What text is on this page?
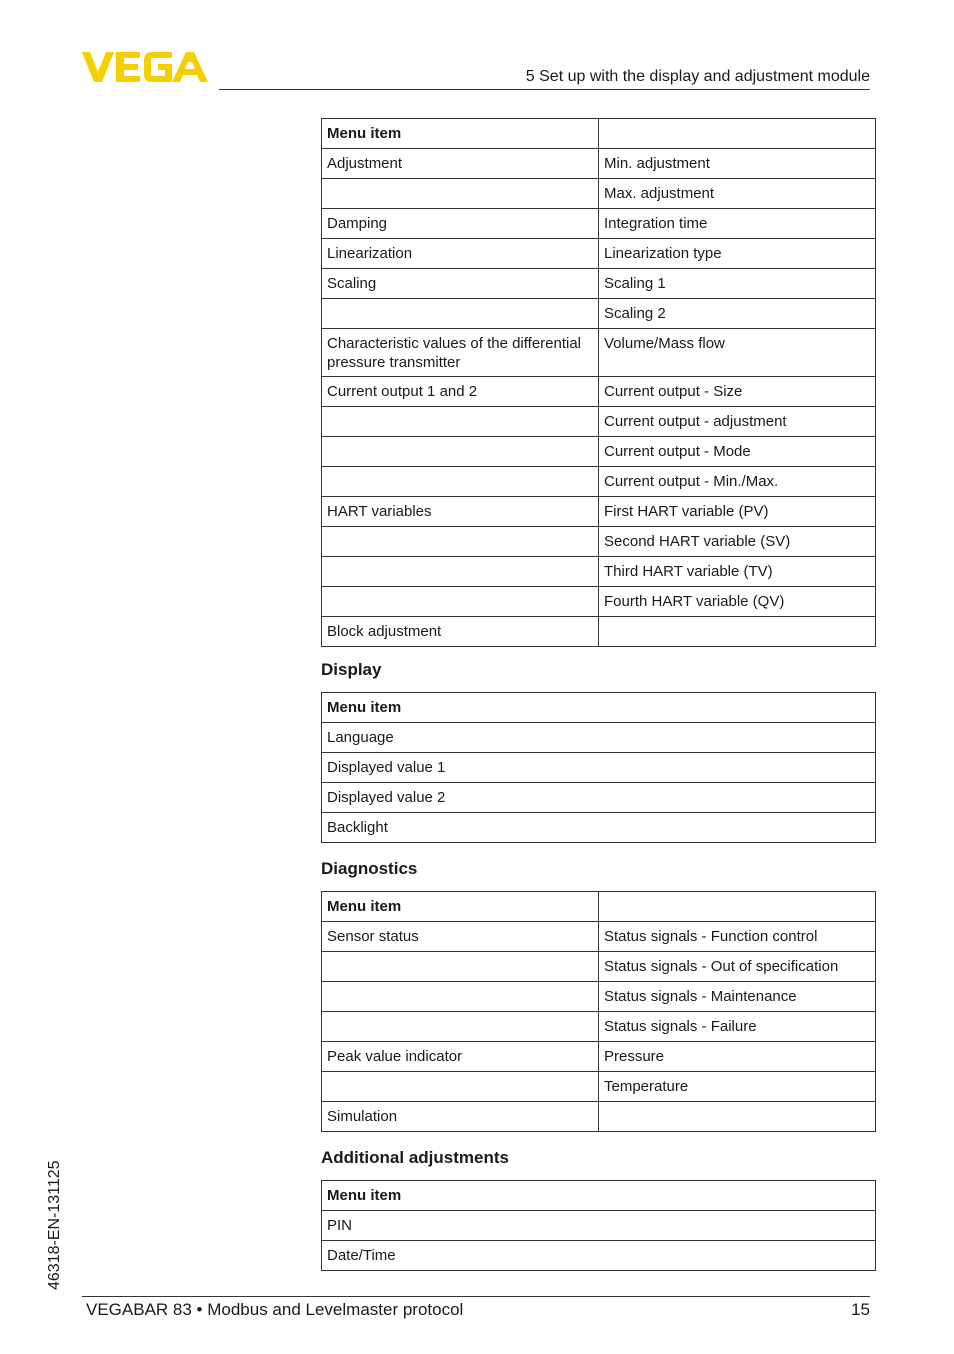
5 Set up with the display and adjustment module
Menu item	
Adjustment	Min. adjustment
	Max. adjustment
Damping	Integration time
Linearization	Linearization type
Scaling	Scaling 1
	Scaling 2
Characteristic values of the differential pressure transmitter	Volume/Mass flow
Current output 1 and 2	Current output - Size
	Current output - adjustment
	Current output - Mode
	Current output - Min./Max.
HART variables	First HART variable (PV)
	Second HART variable (SV)
	Third HART variable (TV)
	Fourth HART variable (QV)
Block adjustment	
Display
Menu item
Language
Displayed value 1
Displayed value 2
Backlight
Diagnostics
Menu item	
Sensor status	Status signals - Function control
	Status signals - Out of specification
	Status signals - Maintenance
	Status signals - Failure
Peak value indicator	Pressure
	Temperature
Simulation	
Additional adjustments
Menu item
PIN
Date/Time
46318-EN-131125
VEGABAR 83 • Modbus and Levelmaster protocol	15
